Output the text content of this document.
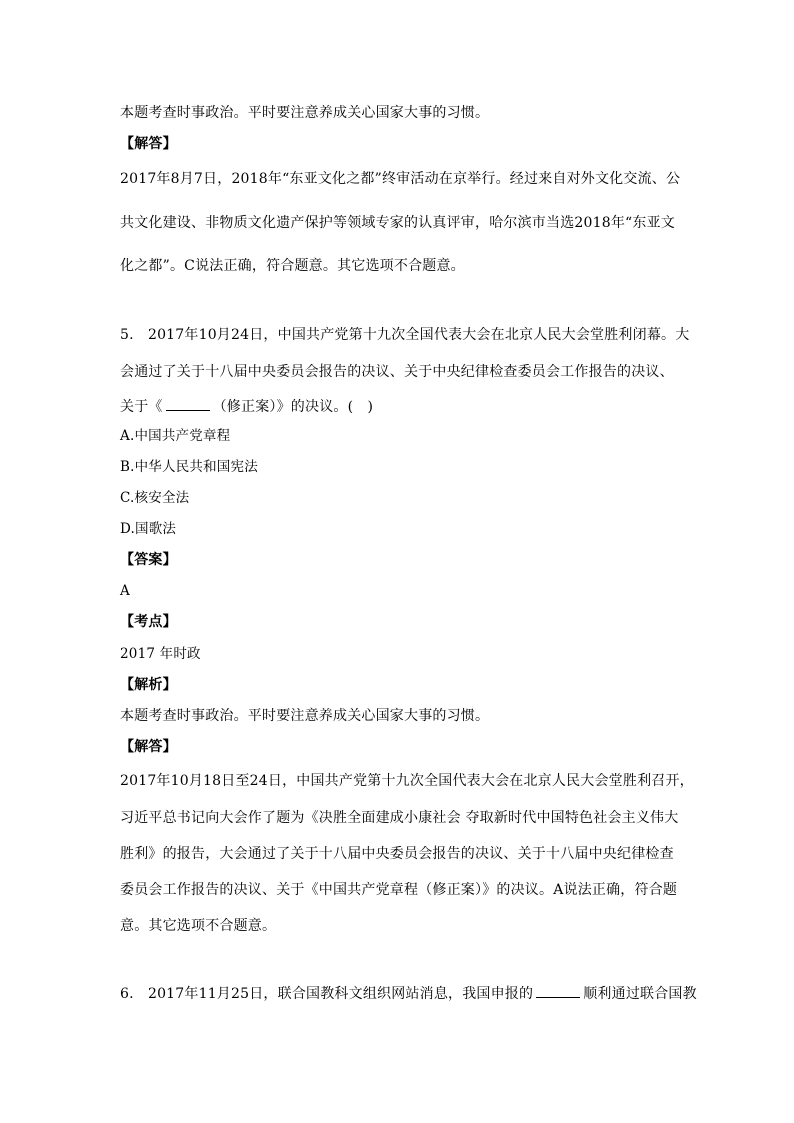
本题考查时事政治。平时要注意养成关心国家大事的习惯。
【解答】
2017年8月7日，2018年“东亚文化之都”终审活动在京举行。经过来自对外文化交流、公
共文化建设、非物质文化遗产保护等领域专家的认真评审，哈尔滨市当选2018年“东亚文
化之都”。C说法正确，符合题意。其它选项不合题意。
5.　2017年10月24日，中国共产党第十九次全国代表大会在北京人民大会堂胜利闭幕。大
会通过了关于十八届中央委员会报告的决议、关于中央纪律检查委员会工作报告的决议、
关于《	（修正案）》的决议。(　)
A.中国共产党章程
B.中华人民共和国宪法
C.核安全法
D.国歌法
【答案】
A
【考点】
2017 年时政
【解析】
本题考查时事政治。平时要注意养成关心国家大事的习惯。
【解答】
2017年10月18日至24日，中国共产党第十九次全国代表大会在北京人民大会堂胜利召开，
习近平总书记向大会作了题为《决胜全面建成小康社会 夺取新时代中国特色社会主义伟大
胜利》的报告，大会通过了关于十八届中央委员会报告的决议、关于十八届中央纪律检查
委员会工作报告的决议、关于《中国共产党章程（修正案）》的决议。A说法正确，符合题
意。其它选项不合题意。
6.　2017年11月25日，联合国教科文组织网站消息，我国申报的	顺利通过联合国教
